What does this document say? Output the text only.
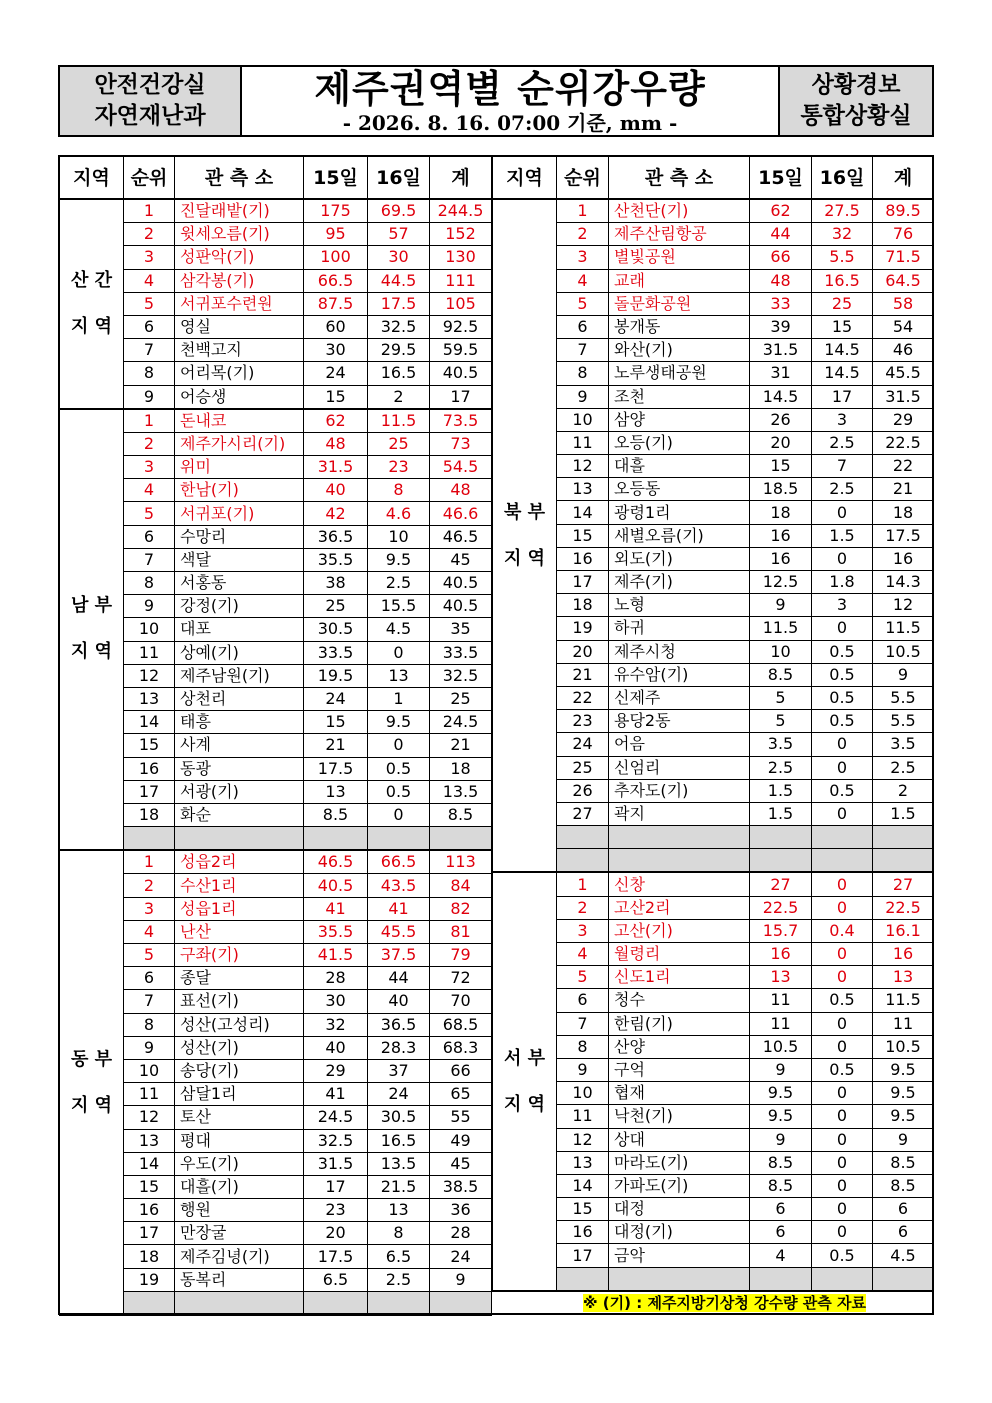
안전건강실
자연재난과
제주권역별 순위강우량
- 2026. 8. 16. 07:00 기준, mm -
상황경보
통합상황실
지역	순위	관 측 소	15일	16일	계
산 간 지 역	1	진달래밭(기)	175	69.5	244.5
	2	윗세오름(기)	95	57	152
	3	성판악(기)	100	30	130
	4	삼각봉(기)	66.5	44.5	111
	5	서귀포수련원	87.5	17.5	105
	6	영실	60	32.5	92.5
	7	천백고지	30	29.5	59.5
	8	어리목(기)	24	16.5	40.5
	9	어승생	15	2	17
남 부 지 역	1	돈내코	62	11.5	73.5
	2	제주가시리(기)	48	25	73
	3	위미	31.5	23	54.5
	4	한남(기)	40	8	48
	5	서귀포(기)	42	4.6	46.6
	6	수망리	36.5	10	46.5
	7	색달	35.5	9.5	45
	8	서홍동	38	2.5	40.5
	9	강정(기)	25	15.5	40.5
	10	대포	30.5	4.5	35
	11	상예(기)	33.5	0	33.5
	12	제주남원(기)	19.5	13	32.5
	13	상천리	24	1	25
	14	태흥	15	9.5	24.5
	15	사계	21	0	21
	16	동광	17.5	0.5	18
	17	서광(기)	13	0.5	13.5
	18	화순	8.5	0	8.5

동 부 지 역	1	성읍2리	46.5	66.5	113
	2	수산1리	40.5	43.5	84
	3	성읍1리	41	41	82
	4	난산	35.5	45.5	81
	5	구좌(기)	41.5	37.5	79
	6	종달	28	44	72
	7	표선(기)	30	40	70
	8	성산(고성리)	32	36.5	68.5
	9	성산(기)	40	28.3	68.3
	10	송당(기)	29	37	66
	11	삼달1리	41	24	65
	12	토산	24.5	30.5	55
	13	평대	32.5	16.5	49
	14	우도(기)	31.5	13.5	45
	15	대흘(기)	17	21.5	38.5
	16	행원	23	13	36
	17	만장굴	20	8	28
	18	제주김녕(기)	17.5	6.5	24
	19	동복리	6.5	2.5	9

지역	순위	관 측 소	15일	16일	계
북 부 지 역	1	산천단(기)	62	27.5	89.5
	2	제주산림항공	44	32	76
	3	별빛공원	66	5.5	71.5
	4	교래	48	16.5	64.5
	5	돌문화공원	33	25	58
	6	봉개동	39	15	54
	7	와산(기)	31.5	14.5	46
	8	노루생태공원	31	14.5	45.5
	9	조천	14.5	17	31.5
	10	삼양	26	3	29
	11	오등(기)	20	2.5	22.5
	12	대흘	15	7	22
	13	오등동	18.5	2.5	21
	14	광령1리	18	0	18
	15	새별오름(기)	16	1.5	17.5
	16	외도(기)	16	0	16
	17	제주(기)	12.5	1.8	14.3
	18	노형	9	3	12
	19	하귀	11.5	0	11.5
	20	제주시청	10	0.5	10.5
	21	유수암(기)	8.5	0.5	9
	22	신제주	5	0.5	5.5
	23	용당2동	5	0.5	5.5
	24	어음	3.5	0	3.5
	25	신엄리	2.5	0	2.5
	26	추자도(기)	1.5	0.5	2
	27	곽지	1.5	0	1.5

서 부 지 역	1	신창	27	0	27
	2	고산2리	22.5	0	22.5
	3	고산(기)	15.7	0.4	16.1
	4	월령리	16	0	16
	5	신도1리	13	0	13
	6	청수	11	0.5	11.5
	7	한림(기)	11	0	11
	8	산양	10.5	0	10.5
	9	구억	9	0.5	9.5
	10	협재	9.5	0	9.5
	11	낙천(기)	9.5	0	9.5
	12	상대	9	0	9
	13	마라도(기)	8.5	0	8.5
	14	가파도(기)	8.5	0	8.5
	15	대정	6	0	6
	16	대정(기)	6	0	6
	17	금악	4	0.5	4.5

※ (기) : 제주지방기상청 강수량 관측 자료
